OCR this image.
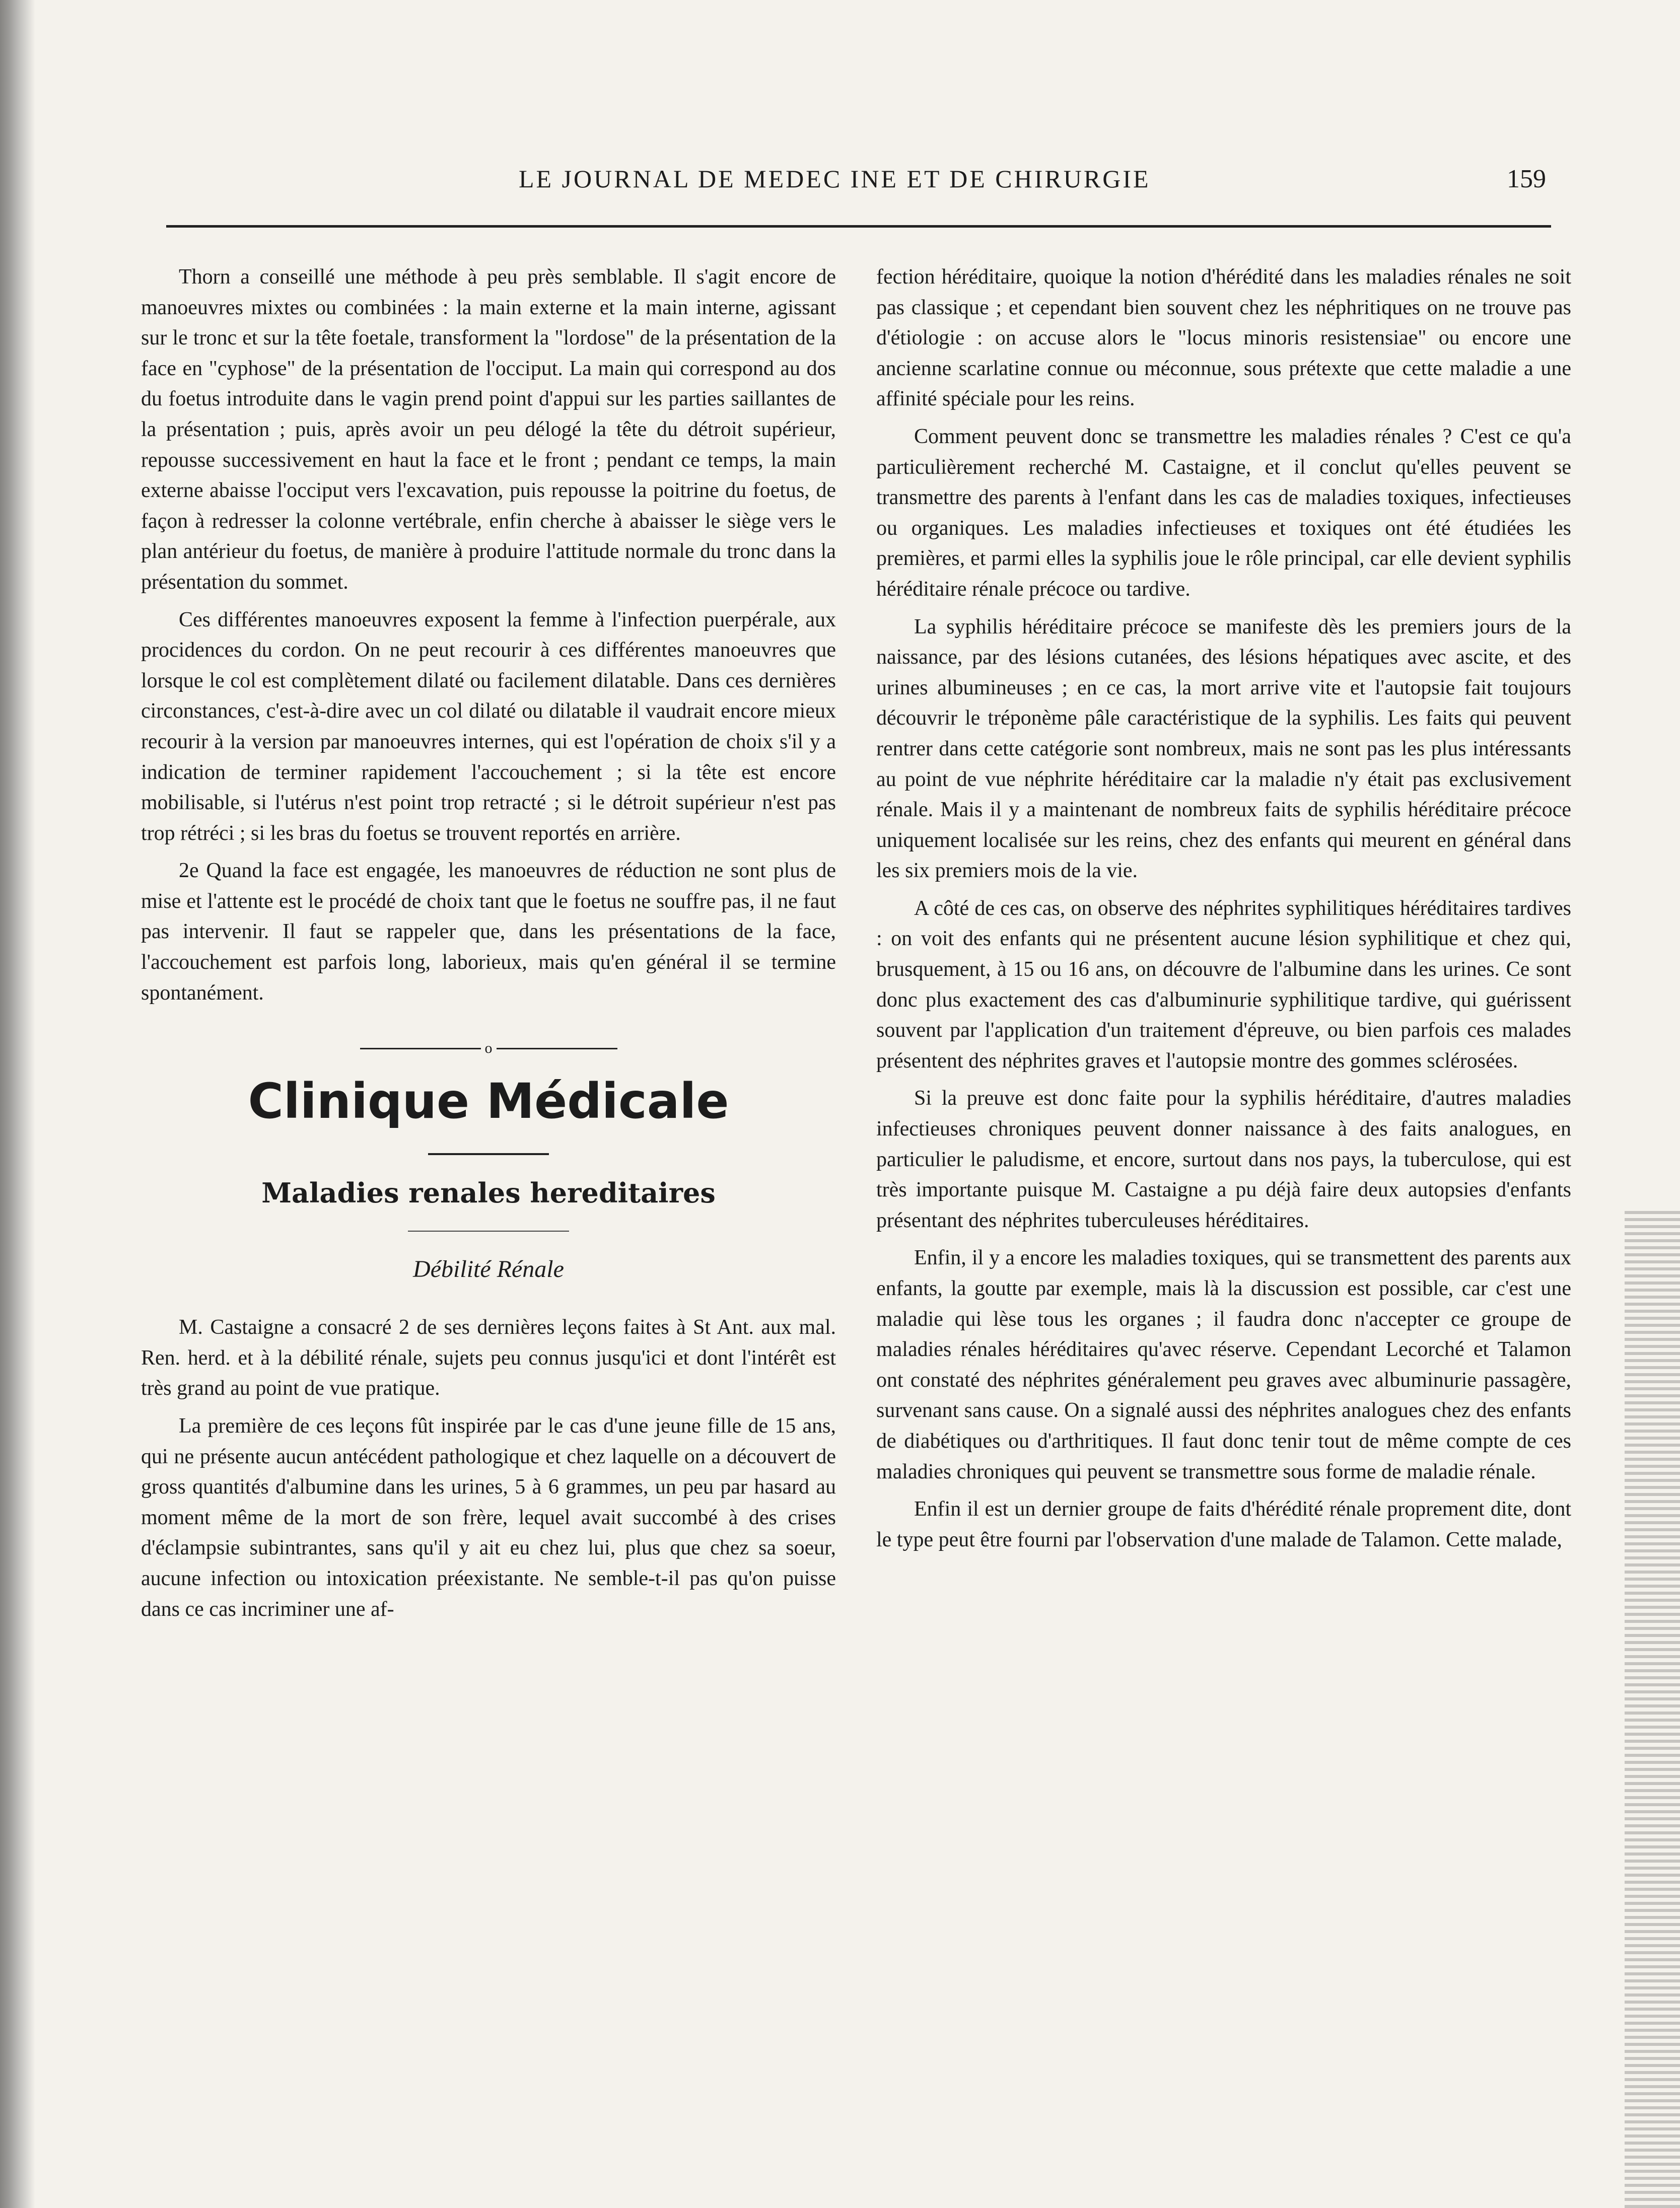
LE JOURNAL DE MEDEC INE ET DE CHIRURGIE	159

Thorn a conseillé une méthode à peu près semblable. Il s'agit encore de manoeuvres mixtes ou combinées : la main externe et la main interne, agissant sur le tronc et sur la tête foetale, transforment la "lordose" de la présentation de la face en "cyphose" de la présentation de l'occiput. La main qui correspond au dos du foetus introduite dans le vagin prend point d'appui sur les parties saillantes de la présentation ; puis, après avoir un peu délogé la tête du détroit supérieur, repousse successivement en haut la face et le front ; pendant ce temps, la main externe abaisse l'occiput vers l'excavation, puis repousse la poitrine du foetus, de façon à redresser la colonne vertébrale, enfin cherche à abaisser le siège vers le plan antérieur du foetus, de manière à produire l'attitude normale du tronc dans la présentation du sommet.

Ces différentes manoeuvres exposent la femme à l'infection puerpérale, aux procidences du cordon. On ne peut recourir à ces différentes manoeuvres que lorsque le col est complètement dilaté ou facilement dilatable. Dans ces dernières circonstances, c'est-à-dire avec un col dilaté ou dilatable il vaudrait encore mieux recourir à la version par manoeuvres internes, qui est l'opération de choix s'il y a indication de terminer rapidement l'accouchement ; si la tête est encore mobilisable, si l'utérus n'est point trop retracté ; si le détroit supérieur n'est pas trop rétréci ; si les bras du foetus se trouvent reportés en arrière.

2e Quand la face est engagée, les manoeuvres de réduction ne sont plus de mise et l'attente est le procédé de choix tant que le foetus ne souffre pas, il ne faut pas intervenir. Il faut se rappeler que, dans les présentations de la face, l'accouchement est parfois long, laborieux, mais qu'en général il se termine spontanément.

o
Clinique Médicale
Maladies renales hereditaires
Débilité Rénale

M. Castaigne a consacré 2 de ses dernières leçons faites à St Ant. aux mal. Ren. herd. et à la débilité rénale, sujets peu connus jusqu'ici et dont l'intérêt est très grand au point de vue pratique.

La première de ces leçons fût inspirée par le cas d'une jeune fille de 15 ans, qui ne présente aucun antécédent pathologique et chez laquelle on a découvert de gross quantités d'albumine dans les urines, 5 à 6 grammes, un peu par hasard au moment même de la mort de son frère, lequel avait succombé à des crises d'éclampsie subintrantes, sans qu'il y ait eu chez lui, plus que chez sa soeur, aucune infection ou intoxication préexistante. Ne semble-t-il pas qu'on puisse dans ce cas incriminer une af-

fection héréditaire, quoique la notion d'hérédité dans les maladies rénales ne soit pas classique ; et cependant bien souvent chez les néphritiques on ne trouve pas d'étiologie : on accuse alors le "locus minoris resistensiae" ou encore une ancienne scarlatine connue ou méconnue, sous prétexte que cette maladie a une affinité spéciale pour les reins.

Comment peuvent donc se transmettre les maladies rénales ? C'est ce qu'a particulièrement recherché M. Castaigne, et il conclut qu'elles peuvent se transmettre des parents à l'enfant dans les cas de maladies toxiques, infectieuses ou organiques. Les maladies infectieuses et toxiques ont été étudiées les premières, et parmi elles la syphilis joue le rôle principal, car elle devient syphilis héréditaire rénale précoce ou tardive.

La syphilis héréditaire précoce se manifeste dès les premiers jours de la naissance, par des lésions cutanées, des lésions hépatiques avec ascite, et des urines albumineuses ; en ce cas, la mort arrive vite et l'autopsie fait toujours découvrir le tréponème pâle caractéristique de la syphilis. Les faits qui peuvent rentrer dans cette catégorie sont nombreux, mais ne sont pas les plus intéressants au point de vue néphrite héréditaire car la maladie n'y était pas exclusivement rénale. Mais il y a maintenant de nombreux faits de syphilis héréditaire précoce uniquement localisée sur les reins, chez des enfants qui meurent en général dans les six premiers mois de la vie.

A côté de ces cas, on observe des néphrites syphilitiques héréditaires tardives : on voit des enfants qui ne présentent aucune lésion syphilitique et chez qui, brusquement, à 15 ou 16 ans, on découvre de l'albumine dans les urines. Ce sont donc plus exactement des cas d'albuminurie syphilitique tardive, qui guérissent souvent par l'application d'un traitement d'épreuve, ou bien parfois ces malades présentent des néphrites graves et l'autopsie montre des gommes sclérosées.

Si la preuve est donc faite pour la syphilis héréditaire, d'autres maladies infectieuses chroniques peuvent donner naissance à des faits analogues, en particulier le paludisme, et encore, surtout dans nos pays, la tuberculose, qui est très importante puisque M. Castaigne a pu déjà faire deux autopsies d'enfants présentant des néphrites tuberculeuses héréditaires.

Enfin, il y a encore les maladies toxiques, qui se transmettent des parents aux enfants, la goutte par exemple, mais là la discussion est possible, car c'est une maladie qui lèse tous les organes ; il faudra donc n'accepter ce groupe de maladies rénales héréditaires qu'avec réserve. Cependant Lecorché et Talamon ont constaté des néphrites généralement peu graves avec albuminurie passagère, survenant sans cause. On a signalé aussi des néphrites analogues chez des enfants de diabétiques ou d'arthritiques. Il faut donc tenir tout de même compte de ces maladies chroniques qui peuvent se transmettre sous forme de maladie rénale.

Enfin il est un dernier groupe de faits d'hérédité rénale proprement dite, dont le type peut être fourni par l'observation d'une malade de Talamon. Cette malade,
